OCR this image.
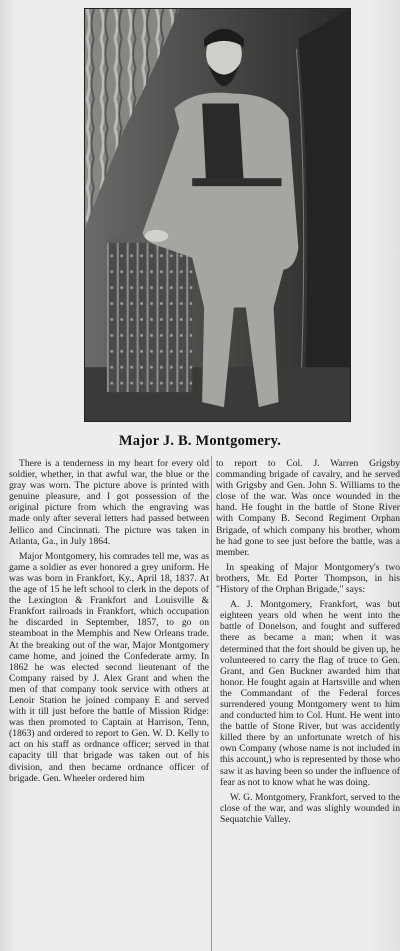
Major J. B. Montgomery.

There is a tenderness in my heart for every old soldier, whether, in that awful war, the blue or the gray was worn. The picture above is printed with genuine pleasure, and I got possession of the original picture from which the engraving was made only after several letters had passed between Jellico and Cincinnati. The picture was taken in Atlanta, Ga., in July 1864.

Major Montgomery, his comrades tell me, was as game a soldier as ever honored a grey uniform. He was was born in Frankfort, Ky., April 18, 1837. At the age of 15 he left school to clerk in the depots of the Lexington & Frankfort and Louisville & Frankfort railroads in Frankfort, which occupation he discarded in September, 1857, to go on steamboat in the Memphis and New Orleans trade. At the breaking out of the war, Major Montgomery came home, and joined the Confederate army. In 1862 he was elected second lieutenant of the Company raised by J. Alex Grant and when the men of that company took service with others at Lenoir Station he joined company E and served with it till just before the battle of Mission Ridge: was then promoted to Captain at Harrison, Tenn, (1863) and ordered to report to Gen. W. D. Kelly to act on his staff as ordnance officer; served in that capacity till that brigade was taken out of his division, and then became ordnance officer of brigade. Gen. Wheeler ordered him

to report to Col. J. Warren Grigsby commanding brigade of cavalry, and he served with Grigsby and Gen. John S. Williams to the close of the war. Was once wounded in the hand. He fought in the battle of Stone River with Company B. Second Regiment Orphan Brigade, of which company his brother, whom he had gone to see just before the battle, was a member.

In speaking of Major Montgomery's two brothers, Mr. Ed Porter Thompson, in his "History of the Orphan Brigade," says:

A. J. Montgomery, Frankfort, was but eighteen years old when he went into the battle of Donelson, and fought and suffered there as became a man; when it was determined that the fort should be given up, he volunteered to carry the flag of truce to Gen. Grant, and Gen Buckner awarded him that honor. He fought again at Hartsville and when the Commandant of the Federal forces surrendered young Montgomery went to him and conducted him to Col. Hunt. He went into the battle of Stone River, but was accidently killed there by an unfortunate wretch of his own Company (whose name is not included in this account,) who is represented by those who saw it as having been so under the influence of fear as not to know what he was doing.

W. G. Montgomery, Frankfort, served to the close of the war, and was slighly wounded in Sequatchie Valley.
